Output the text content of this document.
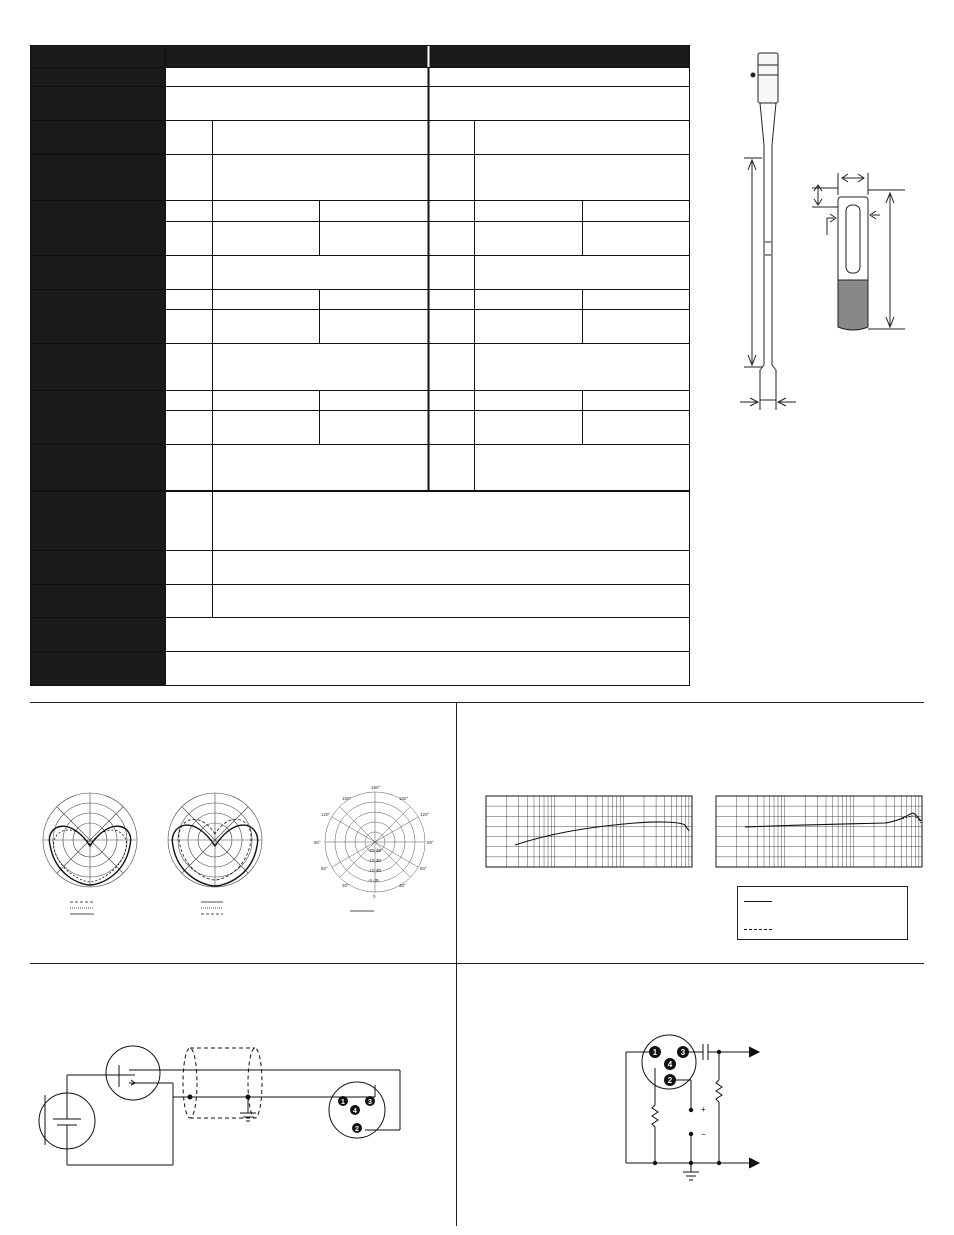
180°
150°	150°
120°	120°
90°	90°
60°	60°
30°	30°
0
-20 dB
-15 dB
-10 dB
-5 dB
1	3
4
2
1
4
3
2
+
−
